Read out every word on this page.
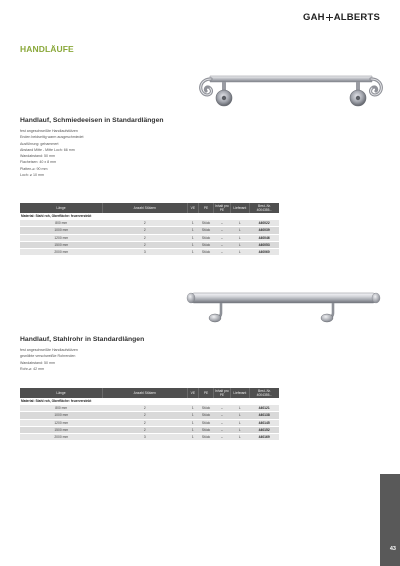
GAH ALBERTS
HANDLÄUFE
Handlauf, Schmiedeeisen in Standardlängen
fest angeschweißte Handlaufstützen
Enden beidseitig warm ausgeschmiedet
Ausführung: gehammert
Abstand Mitte - Mitte Loch: 66 mm
Wandabstand: 50 mm
Flacheisen: 40 x 8 mm
Platten-⌀: 90 mm
Loch: ⌀ 10 mm
Länge	Anzahl Stützen	VE	PE	Inhalt pro PE	Lieferant	Best.-Nr. 4004355...
Material: Stahl roh, Oberfläche: feuerverzinkt						
800 mm	2	1	Stück	–	L	440022
1000 mm	2	1	Stück	–	L	440039
1200 mm	2	1	Stück	–	L	440046
1500 mm	2	1	Stück	–	L	440053
2000 mm	3	1	Stück	–	L	440060
Handlauf, Stahlrohr in Standardlängen
fest angeschweißte Handlaufstützen
gewölbte verschweißte Rohrenden
Wandabstand: 50 mm
Rohr-⌀: 42 mm
Länge	Anzahl Stützen	VE	PE	Inhalt pro PE	Lieferant	Best.-Nr. 4004355...
Material: Stahl roh, Oberfläche: feuerverzinkt						
800 mm	2	1	Stück	–	L	440121
1000 mm	2	1	Stück	–	L	440138
1200 mm	2	1	Stück	–	L	440145
1500 mm	2	1	Stück	–	L	440152
2000 mm	3	1	Stück	–	L	440169
43
